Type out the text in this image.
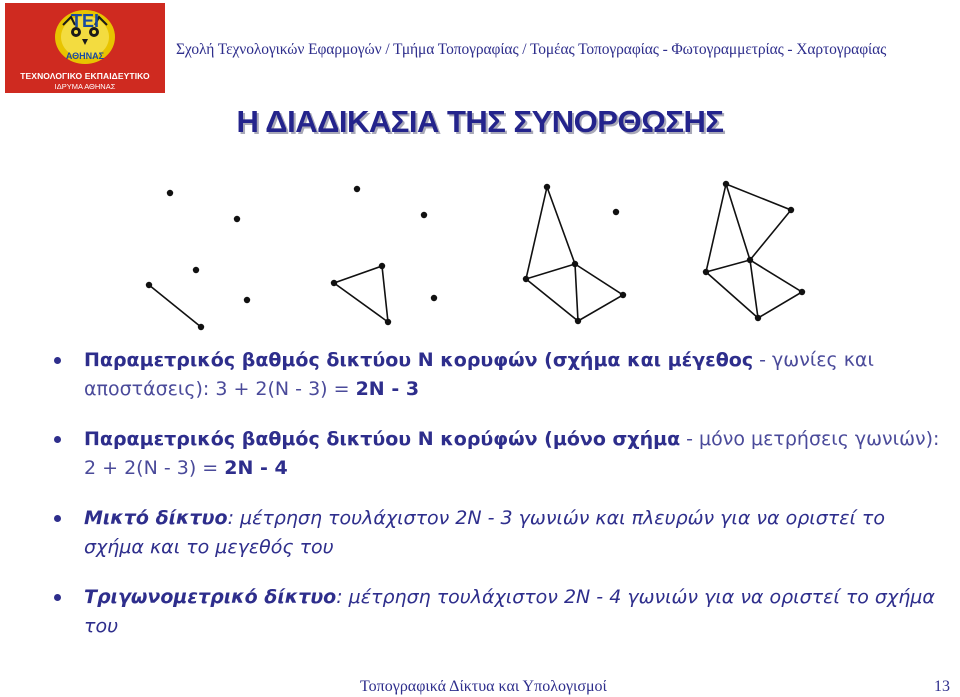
ΤΕΙ
ΑΘΗΝΑΣ
ΤΕΧΝΟΛΟΓΙΚΟ ΕΚΠΑΙΔΕΥΤΙΚΟ
ΙΔΡΥΜΑ ΑΘΗΝΑΣ
Σχολή Τεχνολογικών Εφαρμογών / Τμήμα Τοπογραφίας / Τομέας Τοπογραφίας - Φωτογραμμετρίας - Χαρτογραφίας
Η ΔΙΑΔΙΚΑΣΙΑ ΤΗΣ ΣΥΝΟΡΘΩΣΗΣ
Παραμετρικός βαθμός δικτύου N κορυφών (σχήμα και μέγεθος - γωνίες και αποστάσεις): 3 + 2(N - 3) = 2N - 3
Παραμετρικός βαθμός δικτύου N κορύφών (μόνο σχήμα - μόνο μετρήσεις γωνιών): 2 + 2(N - 3) = 2N - 4
Μικτό δίκτυο: μέτρηση τουλάχιστον 2N - 3 γωνιών και πλευρών για να οριστεί το σχήμα και το μεγεθός του
Τριγωνομετρικό δίκτυο: μέτρηση τουλάχιστον 2N - 4 γωνιών για να οριστεί το σχήμα του
Τοπογραφικά Δίκτυα και Υπολογισμοί	13
